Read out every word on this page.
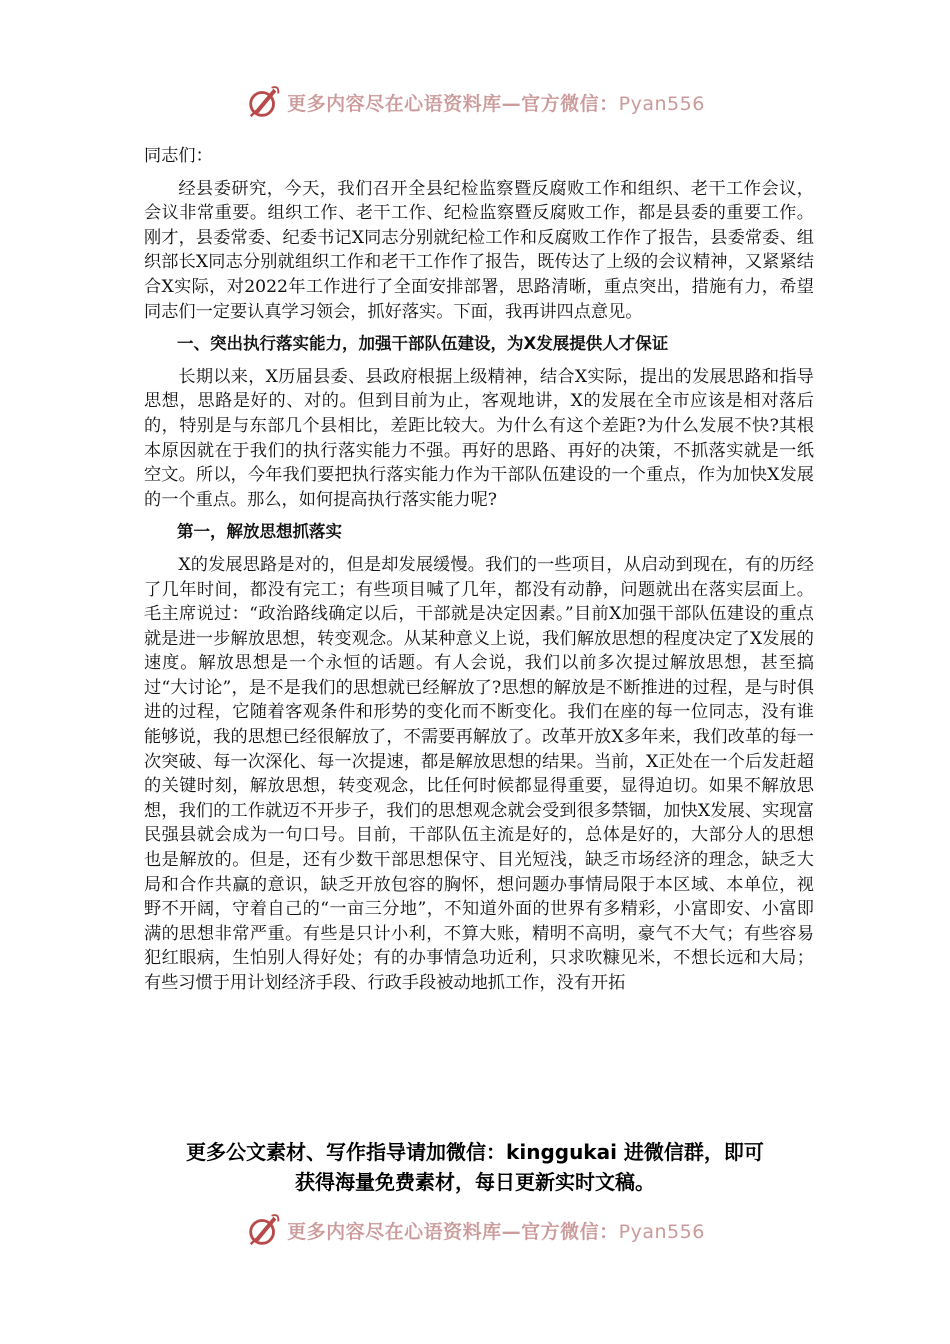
更多内容尽在心语资料库—官方微信：Pyan556

同志们：

经县委研究，今天，我们召开全县纪检监察暨反腐败工作和组织、老干工作会议，会议非常重要。组织工作、老干工作、纪检监察暨反腐败工作，都是县委的重要工作。刚才，县委常委、纪委书记X同志分别就纪检工作和反腐败工作作了报告，县委常委、组织部长X同志分别就组织工作和老干工作作了报告，既传达了上级的会议精神，又紧紧结合X实际，对2022年工作进行了全面安排部署，思路清晰，重点突出，措施有力，希望同志们一定要认真学习领会，抓好落实。下面，我再讲四点意见。

一、突出执行落实能力，加强干部队伍建设，为X发展提供人才保证

长期以来，X历届县委、县政府根据上级精神，结合X实际，提出的发展思路和指导思想，思路是好的、对的。但到目前为止，客观地讲，X的发展在全市应该是相对落后的，特别是与东部几个县相比，差距比较大。为什么有这个差距?为什么发展不快?其根本原因就在于我们的执行落实能力不强。再好的思路、再好的决策，不抓落实就是一纸空文。所以，今年我们要把执行落实能力作为干部队伍建设的一个重点，作为加快X发展的一个重点。那么，如何提高执行落实能力呢?

第一，解放思想抓落实

X的发展思路是对的，但是却发展缓慢。我们的一些项目，从启动到现在，有的历经了几年时间，都没有完工；有些项目喊了几年，都没有动静，问题就出在落实层面上。毛主席说过：“政治路线确定以后，干部就是决定因素。”目前X加强干部队伍建设的重点就是进一步解放思想，转变观念。从某种意义上说，我们解放思想的程度决定了X发展的速度。解放思想是一个永恒的话题。有人会说，我们以前多次提过解放思想，甚至搞过“大讨论”，是不是我们的思想就已经解放了?思想的解放是不断推进的过程，是与时俱进的过程，它随着客观条件和形势的变化而不断变化。我们在座的每一位同志，没有谁能够说，我的思想已经很解放了，不需要再解放了。改革开放X多年来，我们改革的每一次突破、每一次深化、每一次提速，都是解放思想的结果。当前，X正处在一个后发赶超的关键时刻，解放思想，转变观念，比任何时候都显得重要，显得迫切。如果不解放思想，我们的工作就迈不开步子，我们的思想观念就会受到很多禁锢，加快X发展、实现富民强县就会成为一句口号。目前，干部队伍主流是好的，总体是好的，大部分人的思想也是解放的。但是，还有少数干部思想保守、目光短浅，缺乏市场经济的理念，缺乏大局和合作共赢的意识，缺乏开放包容的胸怀，想问题办事情局限于本区域、本单位，视野不开阔，守着自己的“一亩三分地”，不知道外面的世界有多精彩，小富即安、小富即满的思想非常严重。有些是只计小利，不算大账，精明不高明，豪气不大气；有些容易犯红眼病，生怕别人得好处；有的办事情急功近利，只求吹糠见米，不想长远和大局；有些习惯于用计划经济手段、行政手段被动地抓工作，没有开拓

更多公文素材、写作指导请加微信：kinggukai 进微信群，即可
获得海量免费素材，每日更新实时文稿。
更多内容尽在心语资料库—官方微信：Pyan556
